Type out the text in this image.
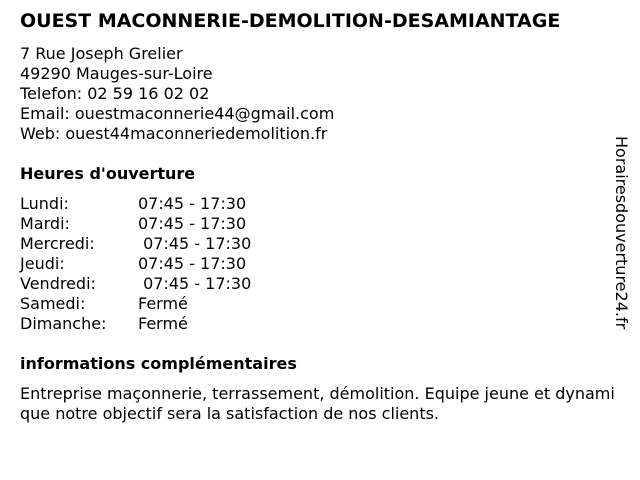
OUEST MACONNERIE-DEMOLITION-DESAMIANTAGE
7 Rue Joseph Grelier
49290 Mauges-sur-Loire
Telefon: 02 59 16 02 02
Email: ouestmaconnerie44@gmail.com
Web: ouest44maconneriedemolition.fr
Heures d'ouverture
Lundi:	07:45 - 17:30
Mardi:	07:45 - 17:30
Mercredi:	07:45 - 17:30
Jeudi:	07:45 - 17:30
Vendredi:	07:45 - 17:30
Samedi:	Fermé
Dimanche:	Fermé
informations complémentaires
Entreprise maçonnerie, terrassement, démolition. Equipe jeune et dynamique notre objectif sera la satisfaction de nos clients.
Horairesdouverture24.fr
